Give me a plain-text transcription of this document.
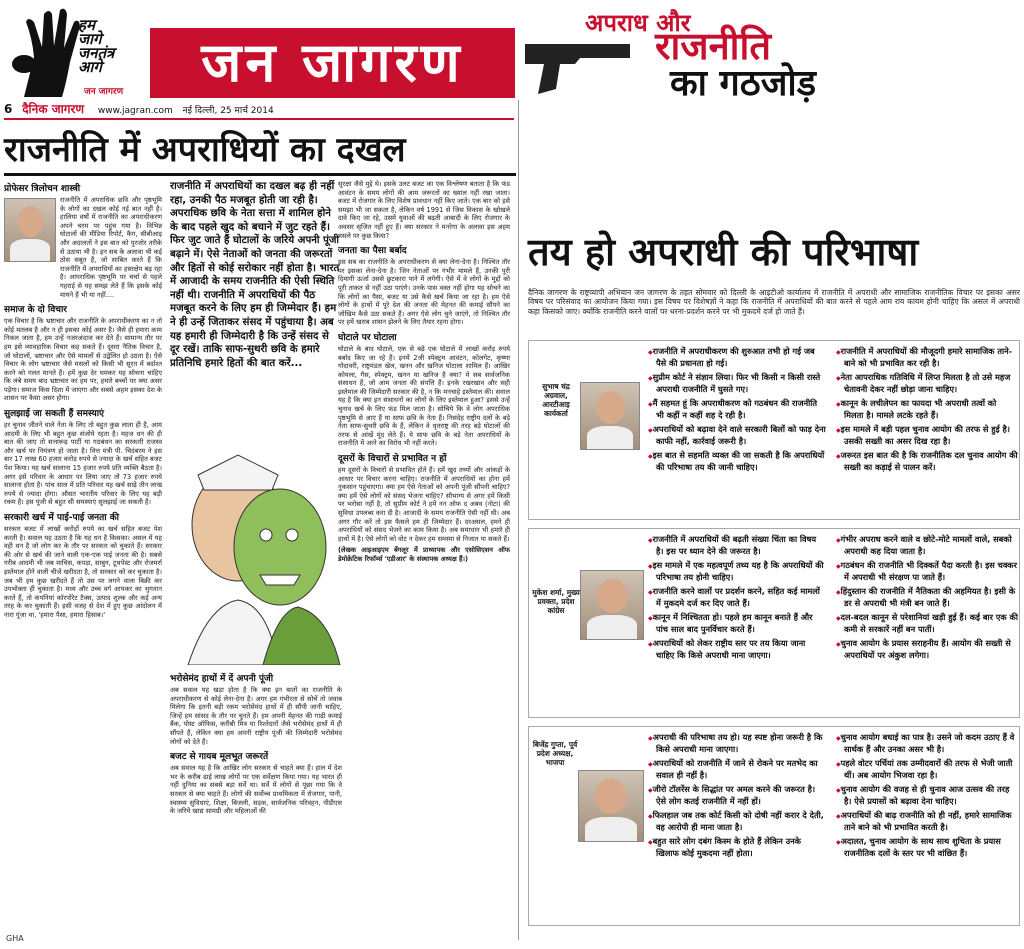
हम
जागे
जनतंत्र
आगे
जन जागरण	जन जागरण
अपराध और
राजनीति
का गठजोड़
6 दैनिक जागरण www.jagran.com नई दिल्ली, 25 मार्च 2014
राजनीति में अपराधियों का दखल
प्रोफेसर त्रिलोचन शास्त्री

राजनीति में अपराधिक छवि और पृष्ठभूमि के लोगों का दखल कोई नई बात नहीं है। हालिया वर्षों में राजनीति का अपराधीकरण अपने चरम पर पहुंच गया है। विभिन्न घोटालों की मीडिया रिपोर्ट, कैग, सीबीआइ और अदालतों ने इस बात को पुरजोर तरीके से उठाया भी है। इन सब के अलावा भी कई ठोस सबूत हैं, जो साबित करते हैं कि राजनीति में अपराधियों का हस्तक्षेप बढ़ रहा है। आपराधिक पृष्ठभूमि पर चर्चा से पहले गहराई से यह समझ लेते हैं कि इसके कोई मायने हैं भी या नहीं....

समाज के दो विचार

एक विचार है कि भ्रष्टाचार और राजनीति के अपराधीकरण का न तो कोई मतलब है और न ही इसका कोई असर है। जैसे ही हमारा काम निकल जाता है, हम उन्हें नजरअंदाज कर देते हैं। सामान्य तौर पर हम इसे व्यावहारिक विचार कह सकते हैं। दूसरा नैतिक विचार है, जो घोटालों, भ्रष्टाचार और ऐसे मामलों से उद्वेलित हो उठता है। ऐसे विचार के लोग भ्रष्टाचार जैसे मसलों को किसी भी सूरत में बर्दाश्त करने को गलत मानते हैं। हमें कुछ देर थमकर यह सोचना चाहिए कि लंबे समय बाद भ्रष्टाचार का हम पर, हमारे बच्चों पर क्या असर पड़ेगा। समाज किस दिशा में जाएगा और सबसे अहम इसका देश के शासन पर कैसा असर होगा।

सुलझाई जा सकती हैं समस्याएं

हर चुनाव जीतने वाले नेता के लिए तो बहुत कुछ लाता ही है, आम आदमी के लिए भी बहुत कुछ संजोये रहता है। महज धन की ही बात की जाए तो सत्तारूढ़ पार्टी या गठबंधन का सरकारी राजस्व और खर्च पर नियंत्रण हो जाता है। वित्त मंत्री पी. चिदंबरम ने इस बार 17 लाख 60 हजार करोड़ रुपये से ज्यादा के खर्च सहित बजट पेश किया। यह खर्च सालाना 15 हजार रुपये प्रति व्यक्ति बैठता है। अगर इसे परिवार के आधार पर लिया जाए तो 73 हजार रुपये सालाना होता है। पांच साल में प्रति परिवार यह खर्च साढ़े तीन लाख रुपये से ज्यादा होगा। औसत भारतीय परिवार के लिए यह बड़ी रकम है। इस पूंजी से बहुत सी समस्याएं सुलझाई जा सकती हैं।

सरकारी खर्च में पाई-पाई जनता की

सरकार बजट में लाखों करोड़ों रुपये का खर्च सहित बजट पेश करती है। सवाल यह उठता है कि यह धन है किसका। असल में यह वही धन है जो लोग कर के तौर पर सरकार को चुकाते हैं। सरकार की ओर से खर्च की जाने वाली एक-एक पाई जनता की है। सबसे गरीब आदमी भी जब माचिस, कपड़ा, साबुन, टूथपेस्ट और रोजमर्रा इस्तेमाल होने वाली चीजें खरीदता है, तो सरकार को कर चुकाता है। जब भी हम कुछ खरीदते हैं तो उस पर लगने वाला बिक्री कर उपभोक्ता ही चुकाता है। मध्य और उच्च वर्ग आयकर का भुगतान करते हैं, तो कंपनियां कॉरपोरेट टैक्स, उत्पाद शुल्क और कई अन्य तरह के कर चुकाती हैं। इसी वजह से देश में हुए कुछ आंदोलन में नारा गूंजा था, 'हमारा पैसा, हमारा हिसाब।'

राजनीति में अपराधियों का दखल बढ़ ही नहीं रहा, उनकी पैठ मजबूत होती जा रही है। अपराधिक छवि के नेता सत्ता में शामिल होने के बाद पहले खुद को बचाने में जुट रहते हैं। फिर जुट जाते हैं घोटालों के जरिये अपनी पूंजी बढ़ाने में। ऐसे नेताओं को जनता की जरूरतों और हितों से कोई सरोकार नहीं होता है। भारत में आजादी के समय राजनीति की ऐसी स्थिति नहीं थी। राजनीति में अपराधियों की पैठ मजबूत करने के लिए हम ही जिम्मेदार हैं। हम ने ही उन्हें जिताकर संसद में पहुंचाया है। अब यह हमारी ही जिम्मेदारी है कि उन्हें संसद से दूर रखें। ताकि साफ-सुथरी छवि के हमारे प्रतिनिधि हमारे हितों की बात करें...
भरोसेमंद हाथों में दें अपनी पूंजी

अब सवाल यह खड़ा होता है कि क्या इन बातों का राजनीति के अपराधीकरण से कोई लेना-देना है। अगर हम गंभीरता से सोचें तो जवाब मिलेगा कि इतनी बड़ी रकम भरोसेमंद हाथों में ही सौंपी जानी चाहिए, जिन्हें हम सांसद के तौर पर चुनते हैं। हम अपनी मेहनत की गाढ़ी कमाई बैंक, पोस्ट ऑफिस, करीबी मित्र या रिश्तेदारों जैसे भरोसेमंद हाथों में ही सौंपते हैं, लेकिन क्या हम अपनी राष्ट्रीय पूंजी की जिम्मेदारी भरोसेमंद लोगों को देते हैं।

बजट से गायब मूलभूत जरूरतें

अब सवाल यह है कि आखिर लोग सरकार से चाहते क्या हैं। हाल में देश भर के करीब ढाई लाख लोगों पर एक सर्वेक्षण किया गया। यह भारत ही नहीं दुनिया का सबसे बड़ा सर्वे था। सर्वे में लोगों से पूछा गया कि वे सरकार से क्या चाहते हैं। लोगों की सर्वोच्च प्राथमिकता में रोजगार, पानी, स्वास्थ्य सुविधाएं, शिक्षा, बिजली, सड़क, सार्वजनिक परिवहन, पीडीएस के जरिये खाद्य सामग्री और महिलाओं की

सुरक्षा जैसे मुद्दे थे। इसके उलट बजट का एक विश्लेषण बताता है कि फंड आवंटन के समय लोगों की आम जरूरतों का ख्याल नहीं रखा जाता। बजट में रोजगार के लिए विशेष प्रावधान नहीं किए जाते। एक बार को इसे समझा भी जा सकता है, लेकिन वर्ष 1991 से जिस विकास के खोखले दावे किए जा रहे, उसमें युवाओं की बढ़ती आबादी के लिए रोजगार के अवसर सृजित नहीं हुए हैं। क्या सरकार ने मनरेगा के अलावा इस अहम मसले पर कुछ किया?

जनता का पैसा बर्बाद

इस सब का राजनीति के अपराधीकरण से क्या लेना-देना है। निश्चित तौर पर इसका लेना-देना है। जिन नेताओं पर गंभीर मामले हैं, उनकी पूरी दिमागी ऊर्जा उससे छुटकारा पाने में लगेगी। ऐसे में वे लोगों के मुद्दों को पूरी ताकत से नहीं उठा पाएंगे। उनके पास वक्त नहीं होगा यह सोचने का कि लोगों का पैसा, बजट या उसे कैसे खर्च किया जा रहा है। हम ऐसे लोगों के हाथों में पूरे देश की जनता की मेहनत की कमाई सौंपने का जोखिम कैसे उठा सकते हैं। अगर ऐसे लोग चुने जाएंगे, तो निश्चित तौर पर हमें खराब शासन झेलने के लिए तैयार रहना होगा।

घोटाले पर घोटाला

घोटाले के बाद घोटाले, एक से बढ़े एक घोटाले में लाखों करोड़ रुपये बर्बाद किए जा रहे हैं। इनमें 2जी स्पेक्ट्रम आवंटन, कोलगेट, कृष्णा गोदावरी, राष्ट्रमंडल खेल, खनन और खनिज घोटाला शामिल हैं। आखिर कोयला, गैस, स्पेक्ट्रम, खनन या खनिज है क्या? ये सब सार्वजनिक संसाधन हैं, जो आम जनता की संपत्ति हैं। इनके रखरखाव और सही इस्तेमाल की जिम्मेदारी सरकार की है, न कि मनचाहे इस्तेमाल की। सवाल यह है कि क्या इन संसाधनों का लोगों के लिए इस्तेमाल हुआ? इससे उन्हें चुनाव खर्च के लिए फंड मिल जाता है। सोचिये कि वे लोग अपराधिक पृष्ठभूमि से आए हैं या साफ छवि के नेता हैं। निसंदेह राष्ट्रीय दलों के बड़े नेता साफ-सुथरी छवि के हैं, लेकिन वे धृतराष्ट्र की तरह बड़े घोटालों की तरफ से आंखें मूंद लेते हैं। ये साफ छवि के बड़े नेता अपराधियों के राजनीति में आने का विरोध भी नहीं करते।

दूसरों के विचारों से प्रभावित न हों

हम दूसरों के विचारों से प्रभावित होते हैं। हमें खुद तथ्यों और आंकड़ों के आधार पर विचार करना चाहिए। राजनीति में अपराधियों का होना हमें नुकसान पहुंचाएगा। क्या हम ऐसे नेताओं को अपनी पूंजी सौंपनी चाहिए? क्या हमें ऐसे लोगों को संसद भेजना चाहिए? सौभाग्य से अगर हमें किसी पर भरोसा नहीं है, तो सुप्रीम कोर्ट ने हमें नन ऑफ द अबव (नोटा) की सुविधा उपलब्ध करा दी है। आजादी के समय राजनीति ऐसी नहीं थी। अब अगर गौर करें तो इस फैसले हम ही जिम्मेदार हैं। दरअसल, हमने ही अपराधियों को संसद भेजने का काम किया है। अब समाधान भी हमारे ही हाथों में है। ऐसे लोगों को वोट न देकर हम समस्या से निजात पा सकते हैं।

(लेखक आइआइएम बेंगलूर में प्राध्यापक और एसोसिएशन ऑफ डेमोक्रेटिक रिफॉर्म्स 'एडीआर' के संस्थापक अध्यक्ष हैं।)

GHA
तय हो अपराधी की परिभाषा
दैनिक जागरण के राष्ट्रव्यापी अभियान जन जागरण के तहत सोमवार को दिल्ली के आइटीओ कार्यालय में राजनीति में अपराधी और सामाजिक राजनीतिक विचार पर इसका असर विषय पर परिसंवाद का आयोजन किया गया। इस विषय पर विशेषज्ञों ने कहा कि राजनीति में अपराधियों की बात करने से पहले आम राय कायम होनी चाहिए कि असल में अपराधी कहा किसको जाए। क्योंकि राजनीति करने वालों पर धरना-प्रदर्शन करने पर भी मुकदमे दर्ज हो जाते हैं।
सुभाष चंद्र अग्रवाल, आरटीआइ कार्यकर्ता
◆ राजनीति में अपराधीकरण की शुरुआत तभी हो गई जब पैसे की प्रधानता हो गई।
◆ सुप्रीम कोर्ट ने संज्ञान लिया। फिर भी किसी न किसी रास्ते अपराधी राजनीति में घुसते गए।
◆ मैं सहमत हूं कि अपराधीकरण को गठबंधन की राजनीति भी कहीं न कहीं शह दे रही है।
◆ अपराधियों को बढ़ावा देने वाले सरकारी बिलों को फाड़ देना काफी नहीं, कार्रवाई जरूरी है।
◆ इस बात से सहमति व्यक्त की जा सकती है कि अपराधियों की परिभाषा तय की जानी चाहिए।
◆ राजनीति में अपराधियों की मौजूदगी हमारे सामाजिक ताने-बाने को भी प्रभावित कर रही है।
◆ नेता आपराधिक गतिविधि में लिप्त मिलता है तो उसे महज चेतावनी देकर नहीं छोड़ा जाना चाहिए।
◆ कानून के लचीलेपन का फायदा भी अपराधी तत्वों को मिलता है। मामले लटके रहते हैं।
◆ इस मामले में बड़ी पहल चुनाव आयोग की तरफ से हुई है। उसकी सख्ती का असर दिख रहा है।
◆ जरूरत इस बात की है कि राजनीतिक दल चुनाव आयोग की सख्ती का कड़ाई से पालन करें।
मुकेश शर्मा, मुख्य प्रवक्ता, प्रदेश कांग्रेस
◆ राजनीति में अपराधियों की बढ़ती संख्या चिंता का विषय है। इस पर ध्यान देने की जरूरत है।
◆ इस मामले में एक महत्वपूर्ण तथ्य यह है कि अपराधियों की परिभाषा तय होनी चाहिए।
◆ राजनीति करने वालों पर प्रदर्शन करने, सहित कई मामलों में मुकदमे दर्ज कर दिए जाते हैं।
◆ कानून में निश्चितता हो। पहले हम कानून बनाते हैं और पांच साल बाद पुनर्विचार करते हैं।
◆ अपराधियों को लेकर राष्ट्रीय स्तर पर तय किया जाना चाहिए कि किसे अपराधी माना जाएगा।
◆ गंभीर अपराध करने वाले व छोटे-मोटे मामलों वाले, सबको अपराधी कह दिया जाता है।
◆ गठबंधन की राजनीति भी दिक्कतें पैदा करती है। इस चक्कर में अपराधी भी संरक्षण पा जाते हैं।
◆ हिंदुस्तान की राजनीति में नैतिकता की अहमियत है। इसी के डर से अपराधी भी मंत्री बन जाते हैं।
◆ दल-बदल कानून से परेशानियां खड़ी हुई हैं। कई बार एक की कमी से सरकारें नहीं बन पातीं।
◆ चुनाव आयोग के प्रयास सराहनीय हैं। आयोग की सख्ती से अपराधियों पर अंकुश लगेगा।
बिजेंद्र गुप्ता, पूर्व प्रदेश अध्यक्ष, भाजपा
◆ अपराधी की परिभाषा तय हो। यह स्पष्ट होना जरूरी है कि किसे अपराधी माना जाएगा।
◆ अपराधियों को राजनीति में जाने से रोकने पर मतभेद का सवाल ही नहीं है।
◆ जीरो टॉलरेंस के सिद्धांत पर अमल करने की जरूरत है। ऐसे लोग कतई राजनीति में नहीं हों।
◆ फिलहाल जब तक कोर्ट किसी को दोषी नहीं करार दे देती, वह आरोपी ही माना जाता है।
◆ बहुत सारे लोग दबंग किस्म के होते हैं लेकिन उनके खिलाफ कोई मुकदमा नहीं होता।
◆ चुनाव आयोग बधाई का पात्र है। उसने जो कदम उठाए हैं वे सार्थक हैं और उनका असर भी है।
◆ पहले वोटर पर्चियां तक उम्मीदवारों की तरफ से भेजी जाती थीं। अब आयोग भिजवा रहा है।
◆ चुनाव आयोग की वजह से ही चुनाव आज उत्सव की तरह है। ऐसे प्रयासों को बढ़ावा देना चाहिए।
◆ अपराधियों की बाढ़ राजनीति को ही नहीं, हमारे सामाजिक ताने बाने को भी प्रभावित करती है।
◆ अदालत, चुनाव आयोग के साथ साथ शुचिता के प्रयास राजनीतिक दलों के स्तर पर भी वांछित हैं।
